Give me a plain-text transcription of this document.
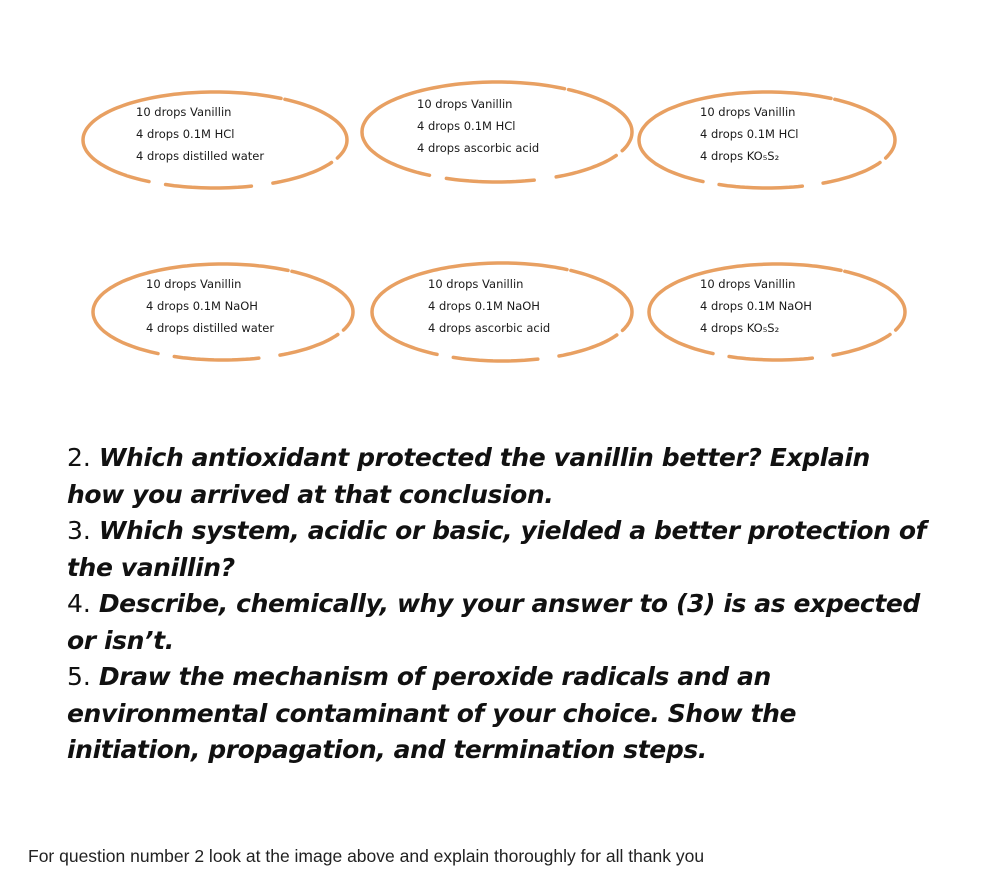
10 drops Vanillin
4 drops 0.1M HCl
4 drops distilled water
10 drops Vanillin
4 drops 0.1M HCl
4 drops ascorbic acid
10 drops Vanillin
4 drops 0.1M HCl
4 drops KO₅S₂
10 drops Vanillin
4 drops 0.1M NaOH
4 drops distilled water
10 drops Vanillin
4 drops 0.1M NaOH
4 drops ascorbic acid
10 drops Vanillin
4 drops 0.1M NaOH
4 drops KO₅S₂

2. Which antioxidant protected the vanillin better? Explain how you arrived at that conclusion.

3. Which system, acidic or basic, yielded a better protection of the vanillin?

4. Describe, chemically, why your answer to (3) is as expected or isn’t.

5. Draw the mechanism of peroxide radicals and an environmental contaminant of your choice. Show the initiation, propagation, and termination steps.

For question number 2 look at the image above and explain thoroughly for all thank you
